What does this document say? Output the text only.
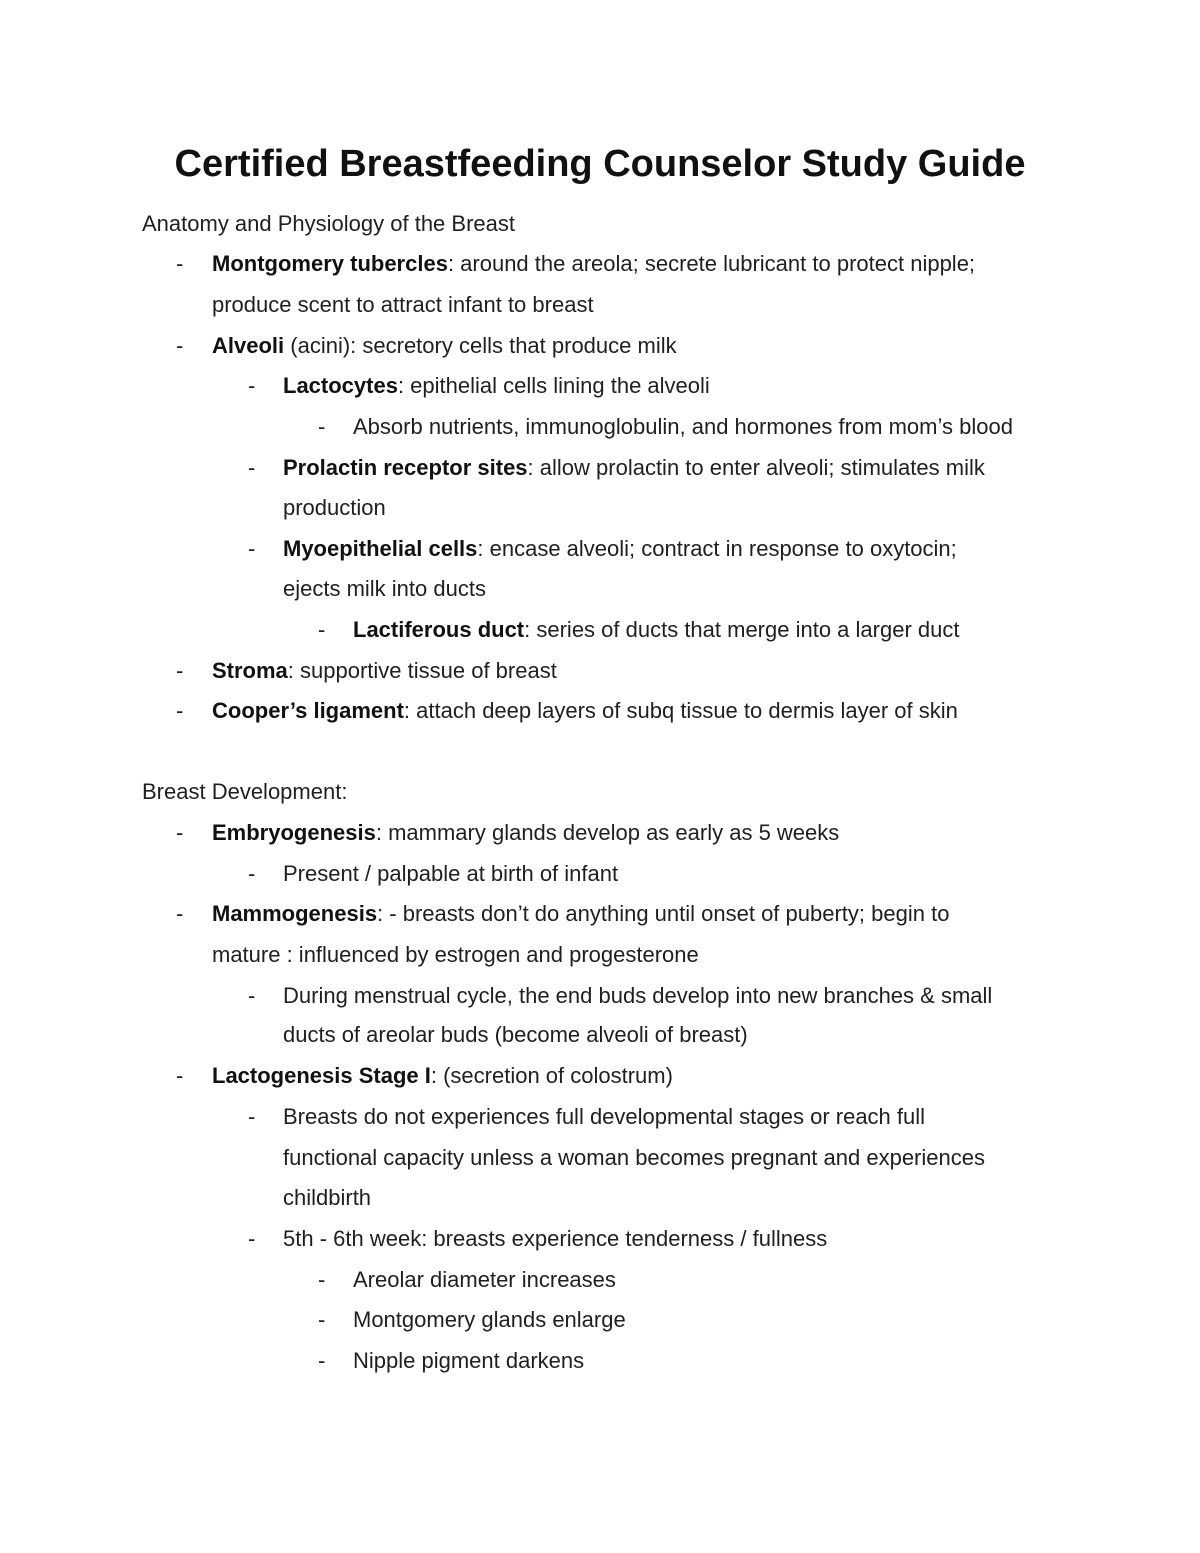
Certified Breastfeeding Counselor Study Guide
Anatomy and Physiology of the Breast
- Montgomery tubercles: around the areola; secrete lubricant to protect nipple;
produce scent to attract infant to breast
- Alveoli (acini): secretory cells that produce milk
- Lactocytes: epithelial cells lining the alveoli
- Absorb nutrients, immunoglobulin, and hormones from mom’s blood
- Prolactin receptor sites: allow prolactin to enter alveoli; stimulates milk
production
- Myoepithelial cells: encase alveoli; contract in response to oxytocin;
ejects milk into ducts
- Lactiferous duct: series of ducts that merge into a larger duct
- Stroma: supportive tissue of breast
- Cooper’s ligament: attach deep layers of subq tissue to dermis layer of skin
Breast Development:
- Embryogenesis: mammary glands develop as early as 5 weeks
- Present / palpable at birth of infant
- Mammogenesis: - breasts don’t do anything until onset of puberty; begin to
mature : influenced by estrogen and progesterone
- During menstrual cycle, the end buds develop into new branches & small
ducts of areolar buds (become alveoli of breast)
- Lactogenesis Stage I: (secretion of colostrum)
- Breasts do not experiences full developmental stages or reach full
functional capacity unless a woman becomes pregnant and experiences
childbirth
- 5th - 6th week: breasts experience tenderness / fullness
- Areolar diameter increases
- Montgomery glands enlarge
- Nipple pigment darkens
